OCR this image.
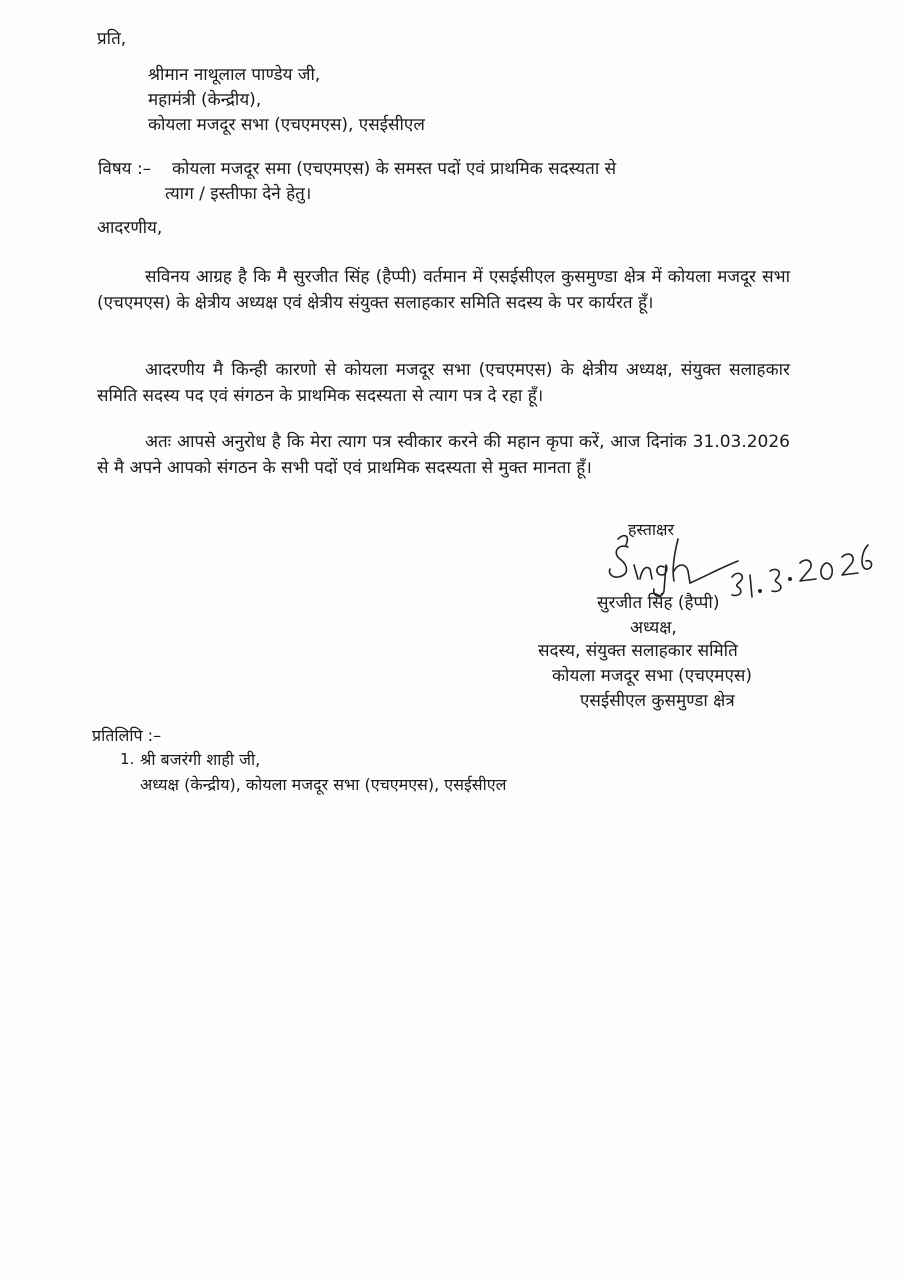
प्रति,
श्रीमान नाथूलाल पाण्डेय जी,
महामंत्री (केन्द्रीय),
कोयला मजदूर सभा (एचएमएस), एसईसीएल
विषय :– कोयला मजदूर समा (एचएमएस) के समस्त पदों एवं प्राथमिक सदस्यता से
त्याग / इस्तीफा देने हेतु।
आदरणीय,
सविनय आग्रह है कि मै सुरजीत सिंह (हैप्पी) वर्तमान में एसईसीएल कुसमुण्डा क्षेत्र में कोयला मजदूर सभा (एचएमएस) के क्षेत्रीय अध्यक्ष एवं क्षेत्रीय संयुक्त सलाहकार समिति सदस्य के पर कार्यरत हूँ।
आदरणीय मै किन्ही कारणो से कोयला मजदूर सभा (एचएमएस) के क्षेत्रीय अध्यक्ष, संयुक्त सलाहकार समिति सदस्य पद एवं संगठन के प्राथमिक सदस्यता से त्याग पत्र दे रहा हूँ।
अतः आपसे अनुरोध है कि मेरा त्याग पत्र स्वीकार करने की महान कृपा करें, आज दिनांक 31.03.2026 से मै अपने आपको संगठन के सभी पदों एवं प्राथमिक सदस्यता से मुक्त मानता हूँ।
हस्ताक्षर
सुरजीत सिंह (हैप्पी)
अध्यक्ष,
सदस्य, संयुक्त सलाहकार समिति
कोयला मजदूर सभा (एचएमएस)
एसईसीएल कुसमुण्डा क्षेत्र
प्रतिलिपि :–
1. श्री बजरंगी शाही जी,
अध्यक्ष (केन्द्रीय), कोयला मजदूर सभा (एचएमएस), एसईसीएल
